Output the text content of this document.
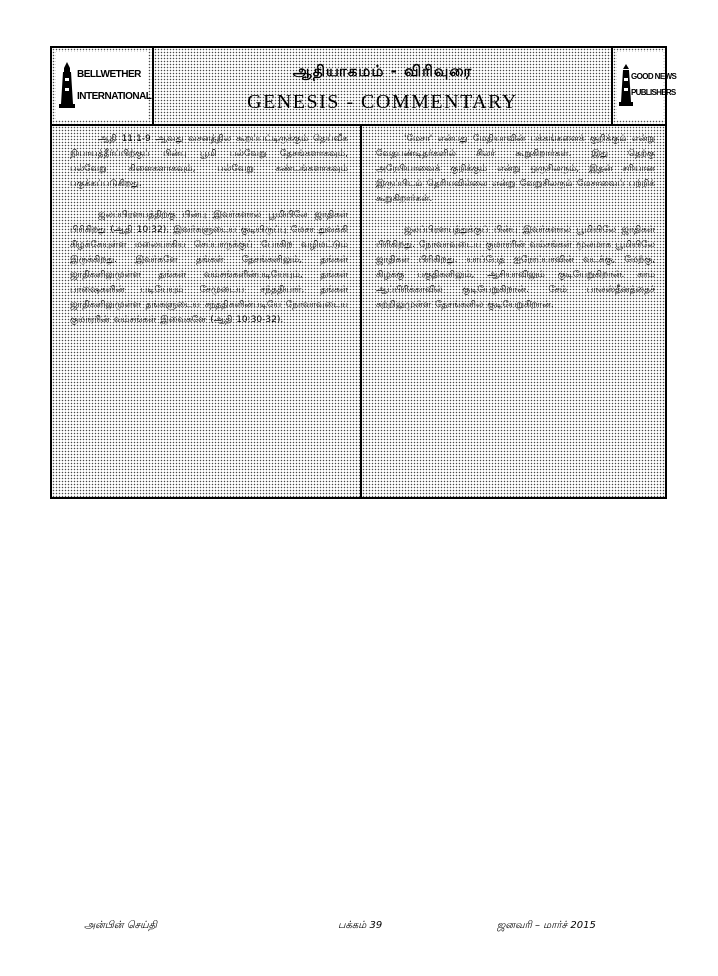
BELLWETHER
INTERNATIONAL
ஆதியாகமம் - விரிவுரை
GENESIS - COMMENTARY
GOOD NEWS
PUBLISHERS

ஆதி 11:1-9 ஆவது வசனத்தில கூறப்பட்டிருக்கும் தெய்வீக நியாயத்தீர்ப்பிற்குப் பின்பு பூமி பல்வேறு தேசங்களாகவும், பல்வேறு கிளைகளாகவும், பல்வேறு கண்டங்களாகவும் பகுக்கப்படுகிறது.

ஜலப்பிரளயத்திற்கு பின்பு இவர்களால் பூமியிலே ஜாதிகள் பிரிகிறது (ஆதி 10:32). இவர்களுடைய குடியிருப்பு மேசா துவக்கி கிழக்கேயுள்ள மலையாகிய செப்பாருக்குப் போகிற வழிமட்டும் இருக்கிறது. இவர்களே தங்கள் தேசங்களிலும், தங்கள் ஜாதிகளிலுமுள்ள தங்கள் வம்சங்களின்படியேயும், தங்கள் பாஷைகளின் படியேயும் சேமுடைய சந்ததியார். தங்கள் ஜாதிகளிலுமுள்ள தங்களுடைய சந்ததிகளின்படியே நோவாவுடைய குமாரரின் வம்சங்கள் இவைகளே (ஆதி 10:30-32).

'மேசா' என்பது மேதியாவின் பக்கங்களைக் குறிக்கும் என்று வேதபண்டிதர்களில் சிலர் கூறுகிறார்கள். இது தெற்கு அரேபியாவைக் குறிக்கும் என்று ஒருசிலரும், இதன் சரியான இருப்பிடம் தெரியவில்லை என்று வேறுசிலரும் மேசாவைப் பற்றிக் கூறுகிறார்கள்.

ஜலப்பிரளயத்துக்குப் பின்பு இவர்களால் பூமியிலே ஜாதிகள் பிரிகிறது. நோவாவுடைய குமாரரின் வம்சங்கள் மூலமாக பூமியிலே ஜாதிகள் பிரிகிறது. யாப்பேத் ஐரோப்பாவின் வடக்கு, மேற்கு, கிழக்கு பகுதிகளிலும், ஆசியாவிலும் குடியேறுகிறான். காம் ஆப்பிரிக்காவில் குடியேறுகிறான். சேம் பாலஸ்தீனத்தைச் சுற்றிலுமுள்ள தேசங்களில குடியேறுகிறான்.

அன்பின் செய்தி	பக்கம் 39	ஜனவரி – மார்ச் 2015
